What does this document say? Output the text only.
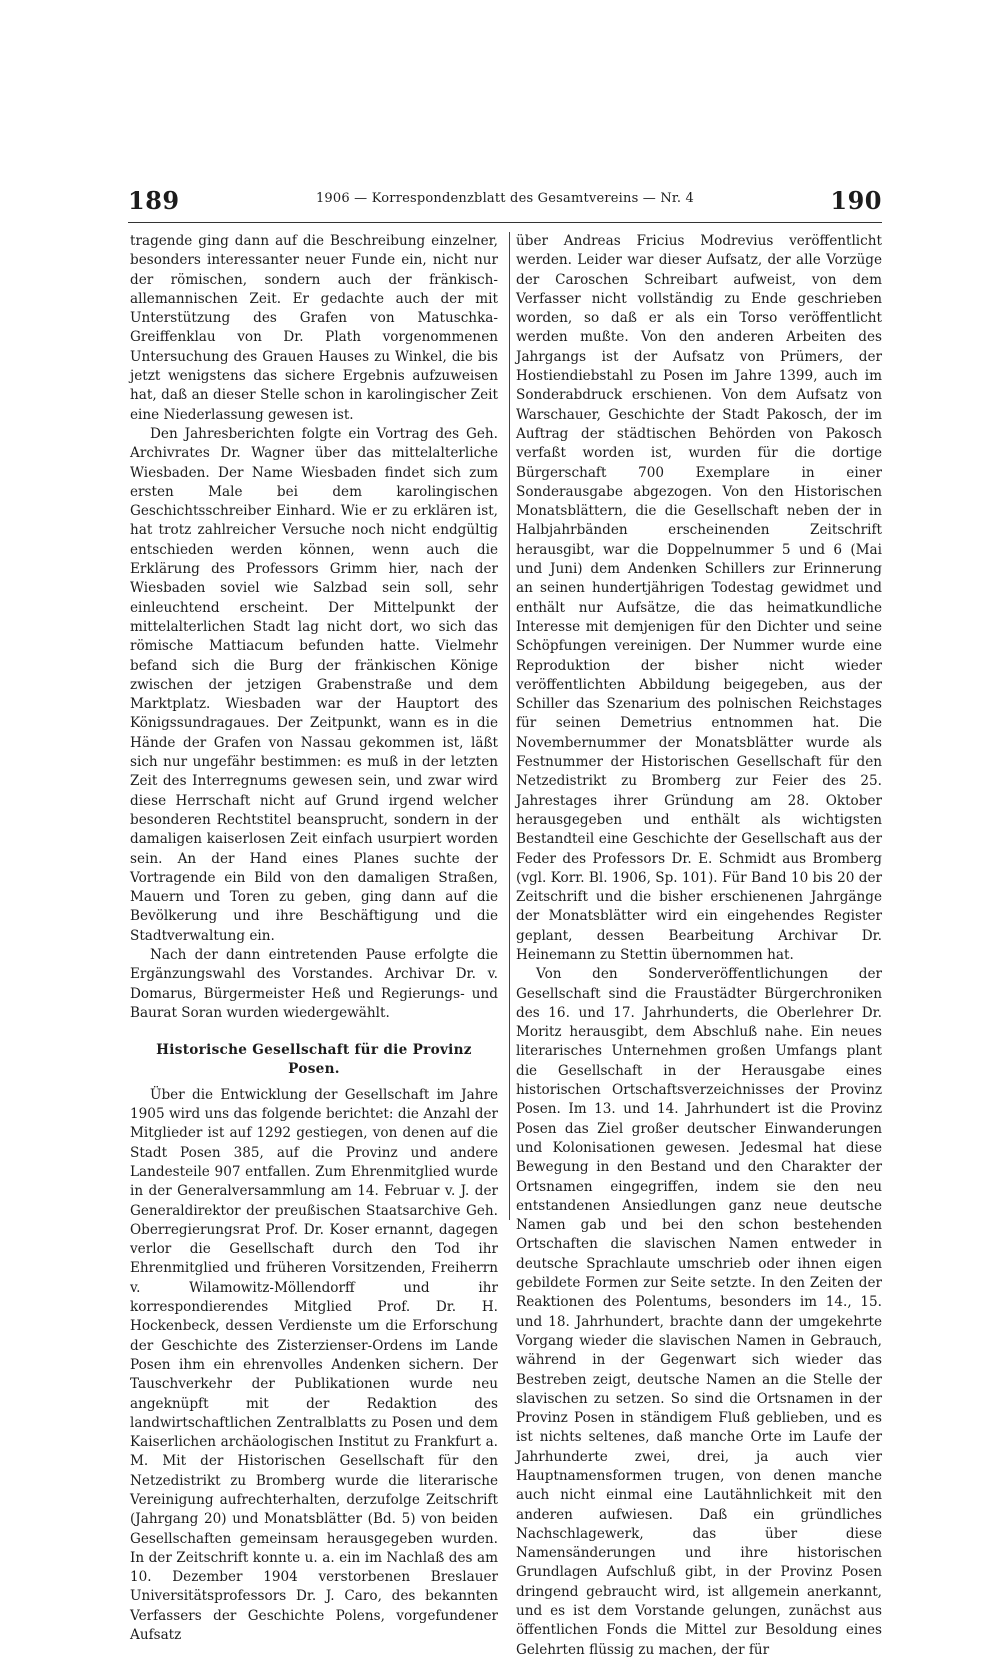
189	1906 — Korrespondenzblatt des Gesamtvereins — Nr. 4	190

tragende ging dann auf die Beschreibung einzelner, besonders interessanter neuer Funde ein, nicht nur der römischen, sondern auch der fränkisch-allemannischen Zeit. Er gedachte auch der mit Unterstützung des Grafen von Matuschka-Greiffenklau von Dr. Plath vorgenommenen Untersuchung des Grauen Hauses zu Winkel, die bis jetzt wenigstens das sichere Ergebnis aufzuweisen hat, daß an dieser Stelle schon in karolingischer Zeit eine Niederlassung gewesen ist.

Den Jahresberichten folgte ein Vortrag des Geh. Archivrates Dr. Wagner über das mittelalterliche Wiesbaden. Der Name Wiesbaden findet sich zum ersten Male bei dem karolingischen Geschichtsschreiber Einhard. Wie er zu erklären ist, hat trotz zahlreicher Versuche noch nicht endgültig entschieden werden können, wenn auch die Erklärung des Professors Grimm hier, nach der Wiesbaden soviel wie Salzbad sein soll, sehr einleuchtend erscheint. Der Mittelpunkt der mittelalterlichen Stadt lag nicht dort, wo sich das römische Mattiacum befunden hatte. Vielmehr befand sich die Burg der fränkischen Könige zwischen der jetzigen Grabenstraße und dem Marktplatz. Wiesbaden war der Hauptort des Königssundragaues. Der Zeitpunkt, wann es in die Hände der Grafen von Nassau gekommen ist, läßt sich nur ungefähr bestimmen: es muß in der letzten Zeit des Interregnums gewesen sein, und zwar wird diese Herrschaft nicht auf Grund irgend welcher besonderen Rechtstitel beansprucht, sondern in der damaligen kaiserlosen Zeit einfach usurpiert worden sein. An der Hand eines Planes suchte der Vortragende ein Bild von den damaligen Straßen, Mauern und Toren zu geben, ging dann auf die Bevölkerung und ihre Beschäftigung und die Stadtverwaltung ein.

Nach der dann eintretenden Pause erfolgte die Ergänzungswahl des Vorstandes. Archivar Dr. v. Domarus, Bürgermeister Heß und Regierungs- und Baurat Soran wurden wiedergewählt.

Historische Gesellschaft für die Provinz Posen.

Über die Entwicklung der Gesellschaft im Jahre 1905 wird uns das folgende berichtet: die Anzahl der Mitglieder ist auf 1292 gestiegen, von denen auf die Stadt Posen 385, auf die Provinz und andere Landesteile 907 entfallen. Zum Ehrenmitglied wurde in der Generalversammlung am 14. Februar v. J. der Generaldirektor der preußischen Staatsarchive Geh. Oberregierungsrat Prof. Dr. Koser ernannt, dagegen verlor die Gesellschaft durch den Tod ihr Ehrenmitglied und früheren Vorsitzenden, Freiherrn v. Wilamowitz-Möllendorff und ihr korrespondierendes Mitglied Prof. Dr. H. Hockenbeck, dessen Verdienste um die Erforschung der Geschichte des Zisterzienser-Ordens im Lande Posen ihm ein ehrenvolles Andenken sichern. Der Tauschverkehr der Publikationen wurde neu angeknüpft mit der Redaktion des landwirtschaftlichen Zentralblatts zu Posen und dem Kaiserlichen archäologischen Institut zu Frankfurt a. M. Mit der Historischen Gesellschaft für den Netzedistrikt zu Bromberg wurde die literarische Vereinigung aufrechterhalten, derzufolge Zeitschrift (Jahrgang 20) und Monatsblätter (Bd. 5) von beiden Gesellschaften gemeinsam herausgegeben wurden. In der Zeitschrift konnte u. a. ein im Nachlaß des am 10. Dezember 1904 verstorbenen Breslauer Universitätsprofessors Dr. J. Caro, des bekannten Verfassers der Geschichte Polens, vorgefundener Aufsatz

über Andreas Fricius Modrevius veröffentlicht werden. Leider war dieser Aufsatz, der alle Vorzüge der Caroschen Schreibart aufweist, von dem Verfasser nicht vollständig zu Ende geschrieben worden, so daß er als ein Torso veröffentlicht werden mußte. Von den anderen Arbeiten des Jahrgangs ist der Aufsatz von Prümers, der Hostiendiebstahl zu Posen im Jahre 1399, auch im Sonderabdruck erschienen. Von dem Aufsatz von Warschauer, Geschichte der Stadt Pakosch, der im Auftrag der städtischen Behörden von Pakosch verfaßt worden ist, wurden für die dortige Bürgerschaft 700 Exemplare in einer Sonderausgabe abgezogen. Von den Historischen Monatsblättern, die die Gesellschaft neben der in Halbjahrbänden erscheinenden Zeitschrift herausgibt, war die Doppelnummer 5 und 6 (Mai und Juni) dem Andenken Schillers zur Erinnerung an seinen hundertjährigen Todestag gewidmet und enthält nur Aufsätze, die das heimatkundliche Interesse mit demjenigen für den Dichter und seine Schöpfungen vereinigen. Der Nummer wurde eine Reproduktion der bisher nicht wieder veröffentlichten Abbildung beigegeben, aus der Schiller das Szenarium des polnischen Reichstages für seinen Demetrius entnommen hat. Die Novembernummer der Monatsblätter wurde als Festnummer der Historischen Gesellschaft für den Netzedistrikt zu Bromberg zur Feier des 25. Jahrestages ihrer Gründung am 28. Oktober herausgegeben und enthält als wichtigsten Bestandteil eine Geschichte der Gesellschaft aus der Feder des Professors Dr. E. Schmidt aus Bromberg (vgl. Korr. Bl. 1906, Sp. 101). Für Band 10 bis 20 der Zeitschrift und die bisher erschienenen Jahrgänge der Monatsblätter wird ein eingehendes Register geplant, dessen Bearbeitung Archivar Dr. Heinemann zu Stettin übernommen hat.

Von den Sonderveröffentlichungen der Gesellschaft sind die Fraustädter Bürgerchroniken des 16. und 17. Jahrhunderts, die Oberlehrer Dr. Moritz herausgibt, dem Abschluß nahe. Ein neues literarisches Unternehmen großen Umfangs plant die Gesellschaft in der Herausgabe eines historischen Ortschaftsverzeichnisses der Provinz Posen. Im 13. und 14. Jahrhundert ist die Provinz Posen das Ziel großer deutscher Einwanderungen und Kolonisationen gewesen. Jedesmal hat diese Bewegung in den Bestand und den Charakter der Ortsnamen eingegriffen, indem sie den neu entstandenen Ansiedlungen ganz neue deutsche Namen gab und bei den schon bestehenden Ortschaften die slavischen Namen entweder in deutsche Sprachlaute umschrieb oder ihnen eigen gebildete Formen zur Seite setzte. In den Zeiten der Reaktionen des Polentums, besonders im 14., 15. und 18. Jahrhundert, brachte dann der umgekehrte Vorgang wieder die slavischen Namen in Gebrauch, während in der Gegenwart sich wieder das Bestreben zeigt, deutsche Namen an die Stelle der slavischen zu setzen. So sind die Ortsnamen in der Provinz Posen in ständigem Fluß geblieben, und es ist nichts seltenes, daß manche Orte im Laufe der Jahrhunderte zwei, drei, ja auch vier Hauptnamensformen trugen, von denen manche auch nicht einmal eine Lautähnlichkeit mit den anderen aufwiesen. Daß ein gründliches Nachschlagewerk, das über diese Namensänderungen und ihre historischen Grundlagen Aufschluß gibt, in der Provinz Posen dringend gebraucht wird, ist allgemein anerkannt, und es ist dem Vorstande gelungen, zunächst aus öffentlichen Fonds die Mittel zur Besoldung eines Gelehrten flüssig zu machen, der für
